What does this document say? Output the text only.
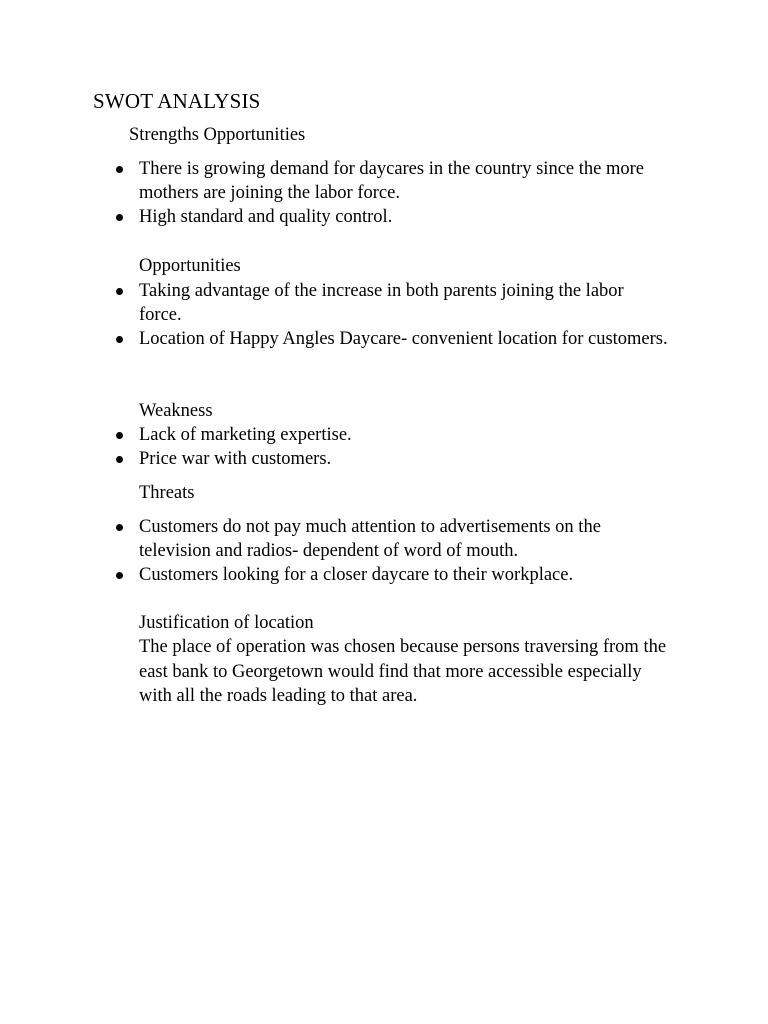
SWOT ANALYSIS
Strengths Opportunities
There is growing demand for daycares in the country since the more mothers are joining the labor force.
High standard and quality control.
Opportunities
Taking advantage of the increase in both parents joining the labor force.
Location of Happy Angles Daycare- convenient location for customers.
Weakness
Lack of marketing expertise.
Price war with customers.
Threats
Customers do not pay much attention to advertisements on the television and radios- dependent of word of mouth.
Customers looking for a closer daycare to their workplace.
Justification of location
The place of operation was chosen because persons traversing from the east bank to Georgetown would find that more accessible especially with all the roads leading to that area.
